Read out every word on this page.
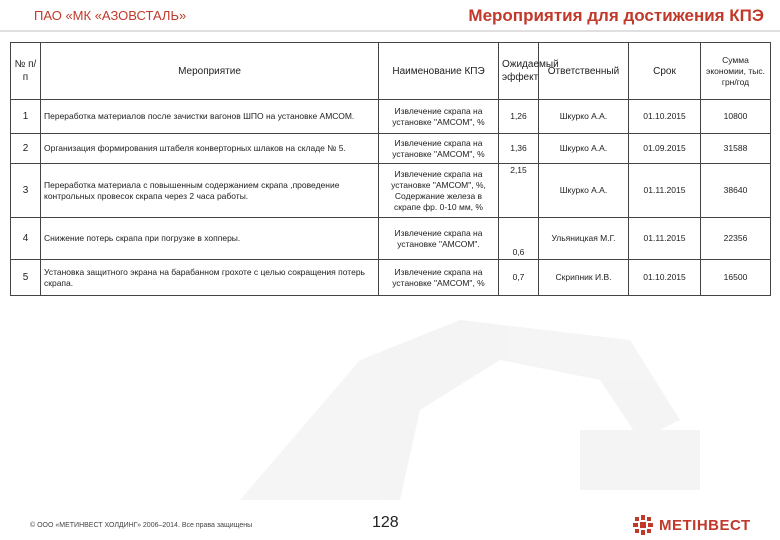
ПАО «МК «АЗОВСТАЛЬ»	Мероприятия для достижения КПЭ
№ п/п	Мероприятие	Наименование КПЭ	Ожидаемый эффект	Ответственный	Срок	Сумма экономии, тыс. грн/год
1	Переработка материалов после зачистки вагонов ШПО на установке АМСОМ.	Извлечение скрапа на установке "АМСОМ", %	1,26	Шкурко А.А.	01.10.2015	10800
2	Организация формирования штабеля конверторных шлаков на складе № 5.	Извлечение скрапа на установке "АМСОМ", %	1,36	Шкурко А.А.	01.09.2015	31588
3	Переработка материала с повышенным содержанием скрапа ,проведение контрольных провесок скрапа через 2 часа работы.	Извлечение скрапа на установке "АМСОМ", %, Содержание железа в скрапе фр. 0-10 мм, %	2,15	Шкурко А.А.	01.11.2015	38640
4	Снижение потерь скрапа при погрузке в хопперы.	Извлечение скрапа на установке "АМСОМ".	0,6	Ульяницкая М.Г.	01.11.2015	22356
5	Установка защитного экрана на барабанном грохоте с целью сокращения потерь скрапа.	Извлечение скрапа на установке "АМСОМ", %	0,7	Скрипник И.В.	01.10.2015	16500
© ООО «МЕТИНВЕСТ ХОЛДИНГ» 2006–2014. Все права защищены	128	МЕТІНВЕСТ
